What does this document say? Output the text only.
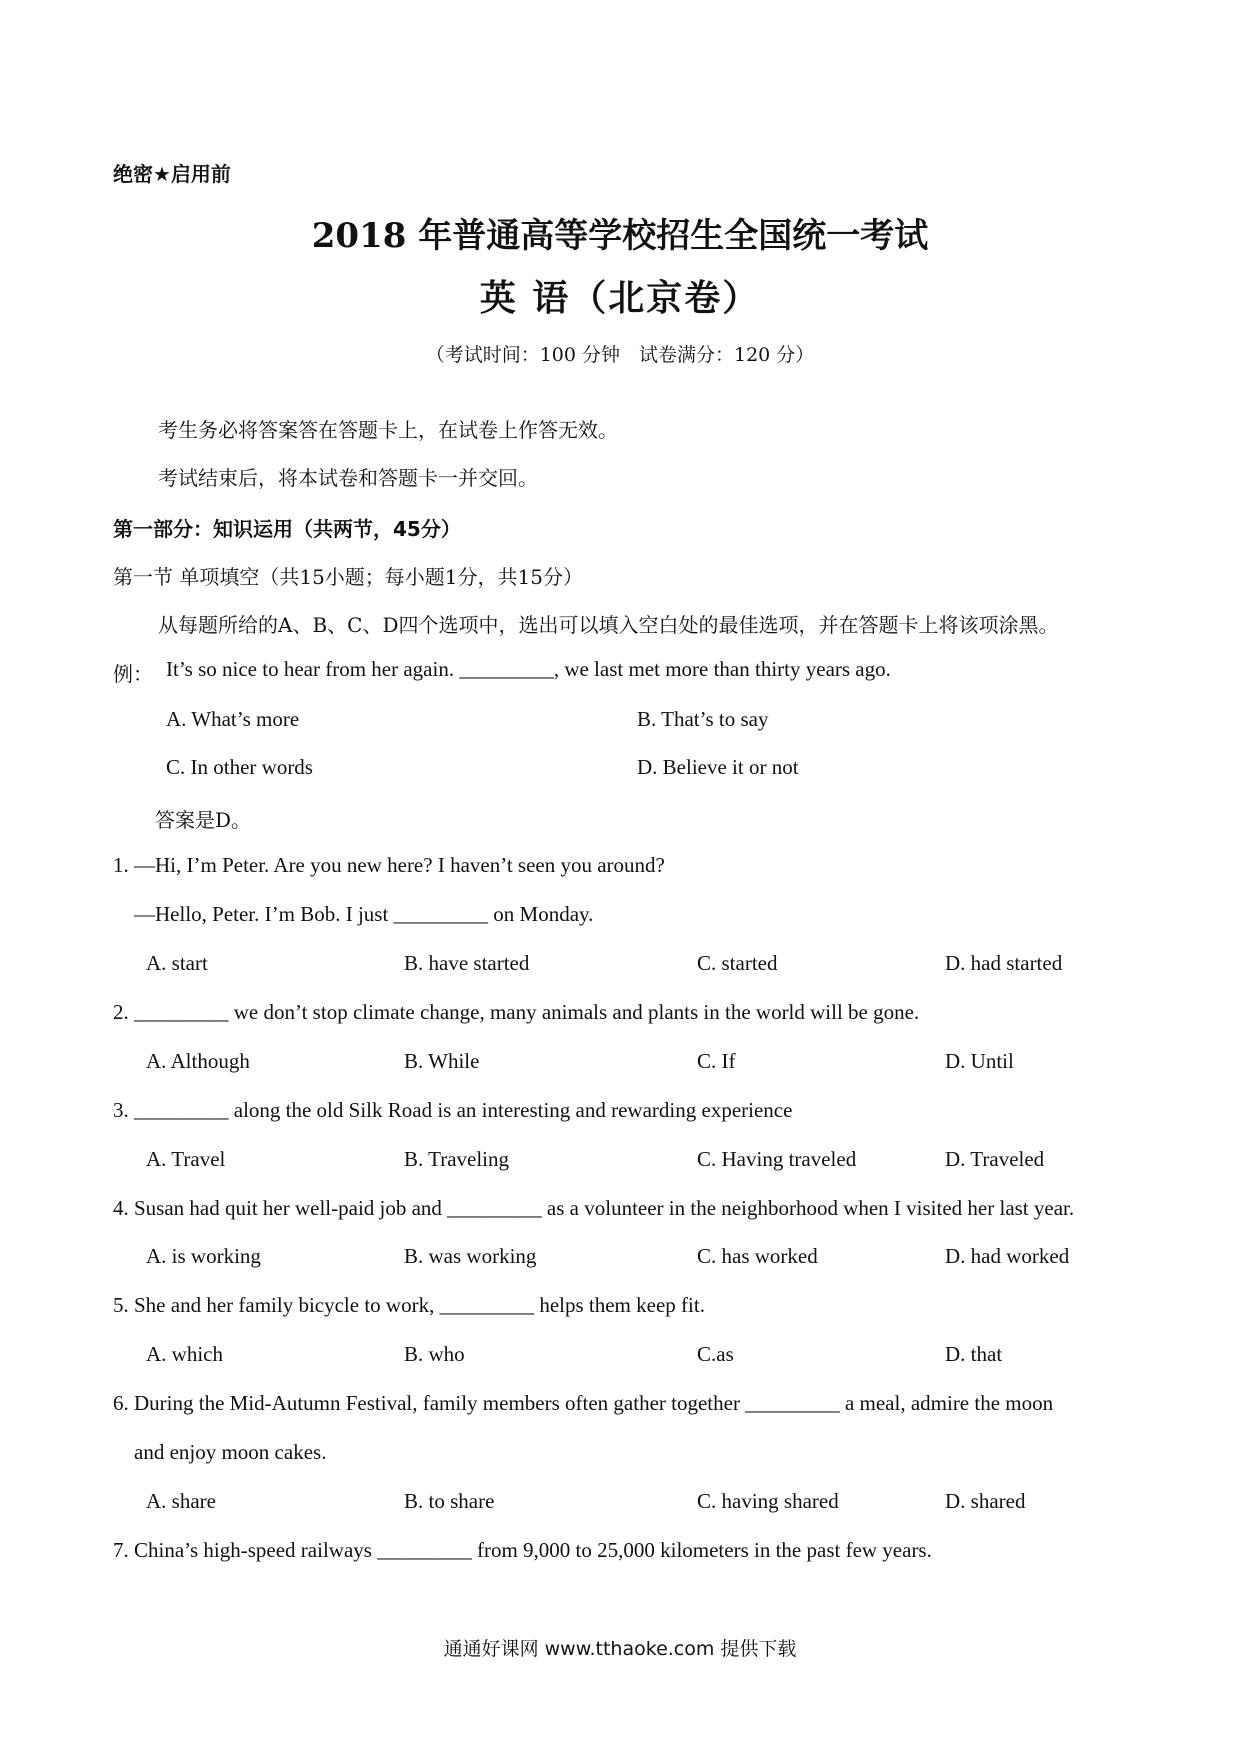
绝密★启用前
2018 年普通高等学校招生全国统一考试
英 语（北京卷）
（考试时间：100 分钟　试卷满分：120 分）
考生务必将答案答在答题卡上，在试卷上作答无效。
考试结束后，将本试卷和答题卡一并交回。
第一部分：知识运用（共两节，45分）
第一节 单项填空（共15小题；每小题1分，共15分）
从每题所给的A、B、C、D四个选项中，选出可以填入空白处的最佳选项，并在答题卡上将该项涂黑。
例： It’s so nice to hear from her again. _________, we last met more than thirty years ago.
A. What’s more	B. That’s to say
C. In other words	D. Believe it or not
答案是D。
1. —Hi, I’m Peter. Are you new here? I haven’t seen you around?
—Hello, Peter. I’m Bob. I just _________ on Monday.
A. start	B. have started	C. started	D. had started
2. _________ we don’t stop climate change, many animals and plants in the world will be gone.
A. Although	B. While	C. If	D. Until
3. _________ along the old Silk Road is an interesting and rewarding experience
A. Travel	B. Traveling	C. Having traveled	D. Traveled
4. Susan had quit her well-paid job and _________ as a volunteer in the neighborhood when I visited her last year.
A. is working	B. was working	C. has worked	D. had worked
5. She and her family bicycle to work, _________ helps them keep fit.
A. which	B. who	C.as	D. that
6. During the Mid-Autumn Festival, family members often gather together _________ a meal, admire the moon
and enjoy moon cakes.
A. share	B. to share	C. having shared	D. shared
7. China’s high-speed railways _________ from 9,000 to 25,000 kilometers in the past few years.
通通好课网 www.tthaoke.com 提供下载
